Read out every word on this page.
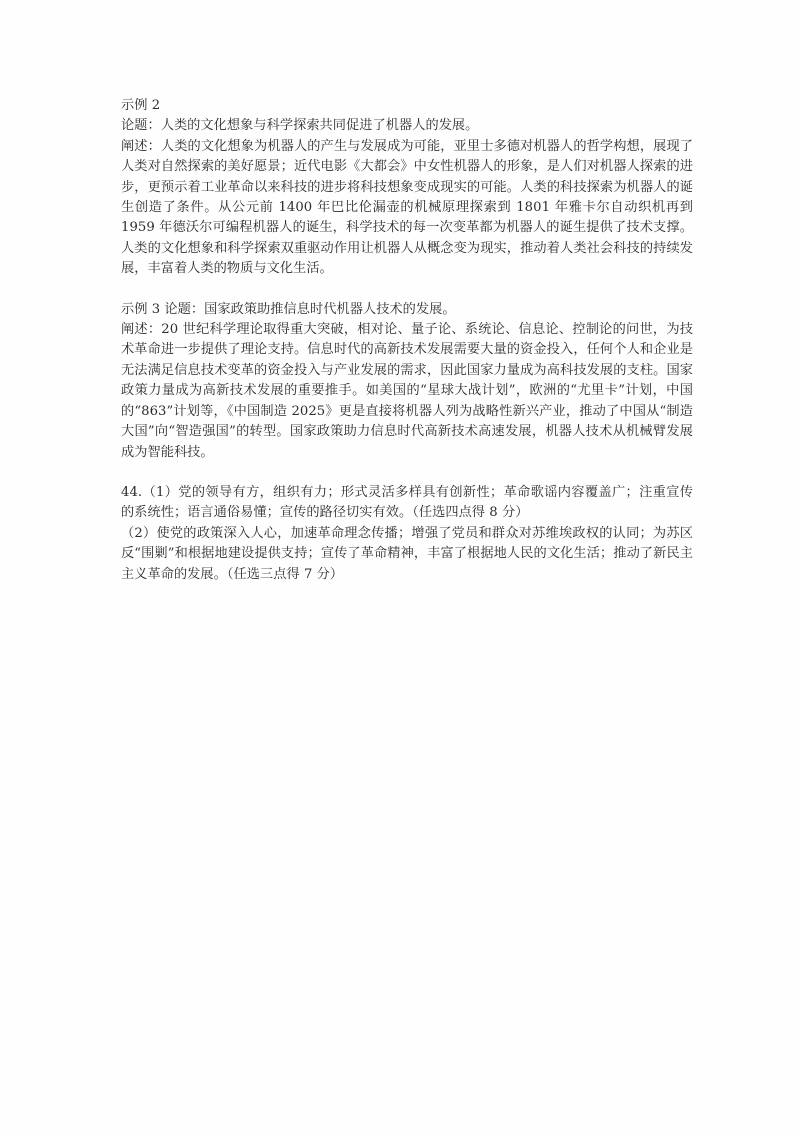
示例 2

论题：人类的文化想象与科学探索共同促进了机器人的发展。

阐述：人类的文化想象为机器人的产生与发展成为可能，亚里士多德对机器人的哲学构想，展现了人类对自然探索的美好愿景；近代电影《大都会》中女性机器人的形象，是人们对机器人探索的进步，更预示着工业革命以来科技的进步将科技想象变成现实的可能。人类的科技探索为机器人的诞生创造了条件。从公元前 1400 年巴比伦漏壶的机械原理探索到 1801 年雅卡尔自动织机再到 1959 年德沃尔可编程机器人的诞生，科学技术的每一次变革都为机器人的诞生提供了技术支撑。人类的文化想象和科学探索双重驱动作用让机器人从概念变为现实，推动着人类社会科技的持续发展，丰富着人类的物质与文化生活。

示例 3 论题：国家政策助推信息时代机器人技术的发展。

阐述：20 世纪科学理论取得重大突破，相对论、量子论、系统论、信息论、控制论的问世，为技术革命进一步提供了理论支持。信息时代的高新技术发展需要大量的资金投入，任何个人和企业是无法满足信息技术变革的资金投入与产业发展的需求，因此国家力量成为高科技发展的支柱。国家政策力量成为高新技术发展的重要推手。如美国的“星球大战计划”，欧洲的“尤里卡”计划，中国的“863”计划等，《中国制造 2025》更是直接将机器人列为战略性新兴产业，推动了中国从“制造大国”向“智造强国”的转型。国家政策助力信息时代高新技术高速发展，机器人技术从机械臂发展成为智能科技。

44.（1）党的领导有方，组织有力；形式灵活多样具有创新性；革命歌谣内容覆盖广；注重宣传的系统性；语言通俗易懂；宣传的路径切实有效。（任选四点得 8 分）

（2）使党的政策深入人心，加速革命理念传播；增强了党员和群众对苏维埃政权的认同；为苏区反“围剿”和根据地建设提供支持；宣传了革命精神，丰富了根据地人民的文化生活；推动了新民主主义革命的发展。（任选三点得 7 分）
